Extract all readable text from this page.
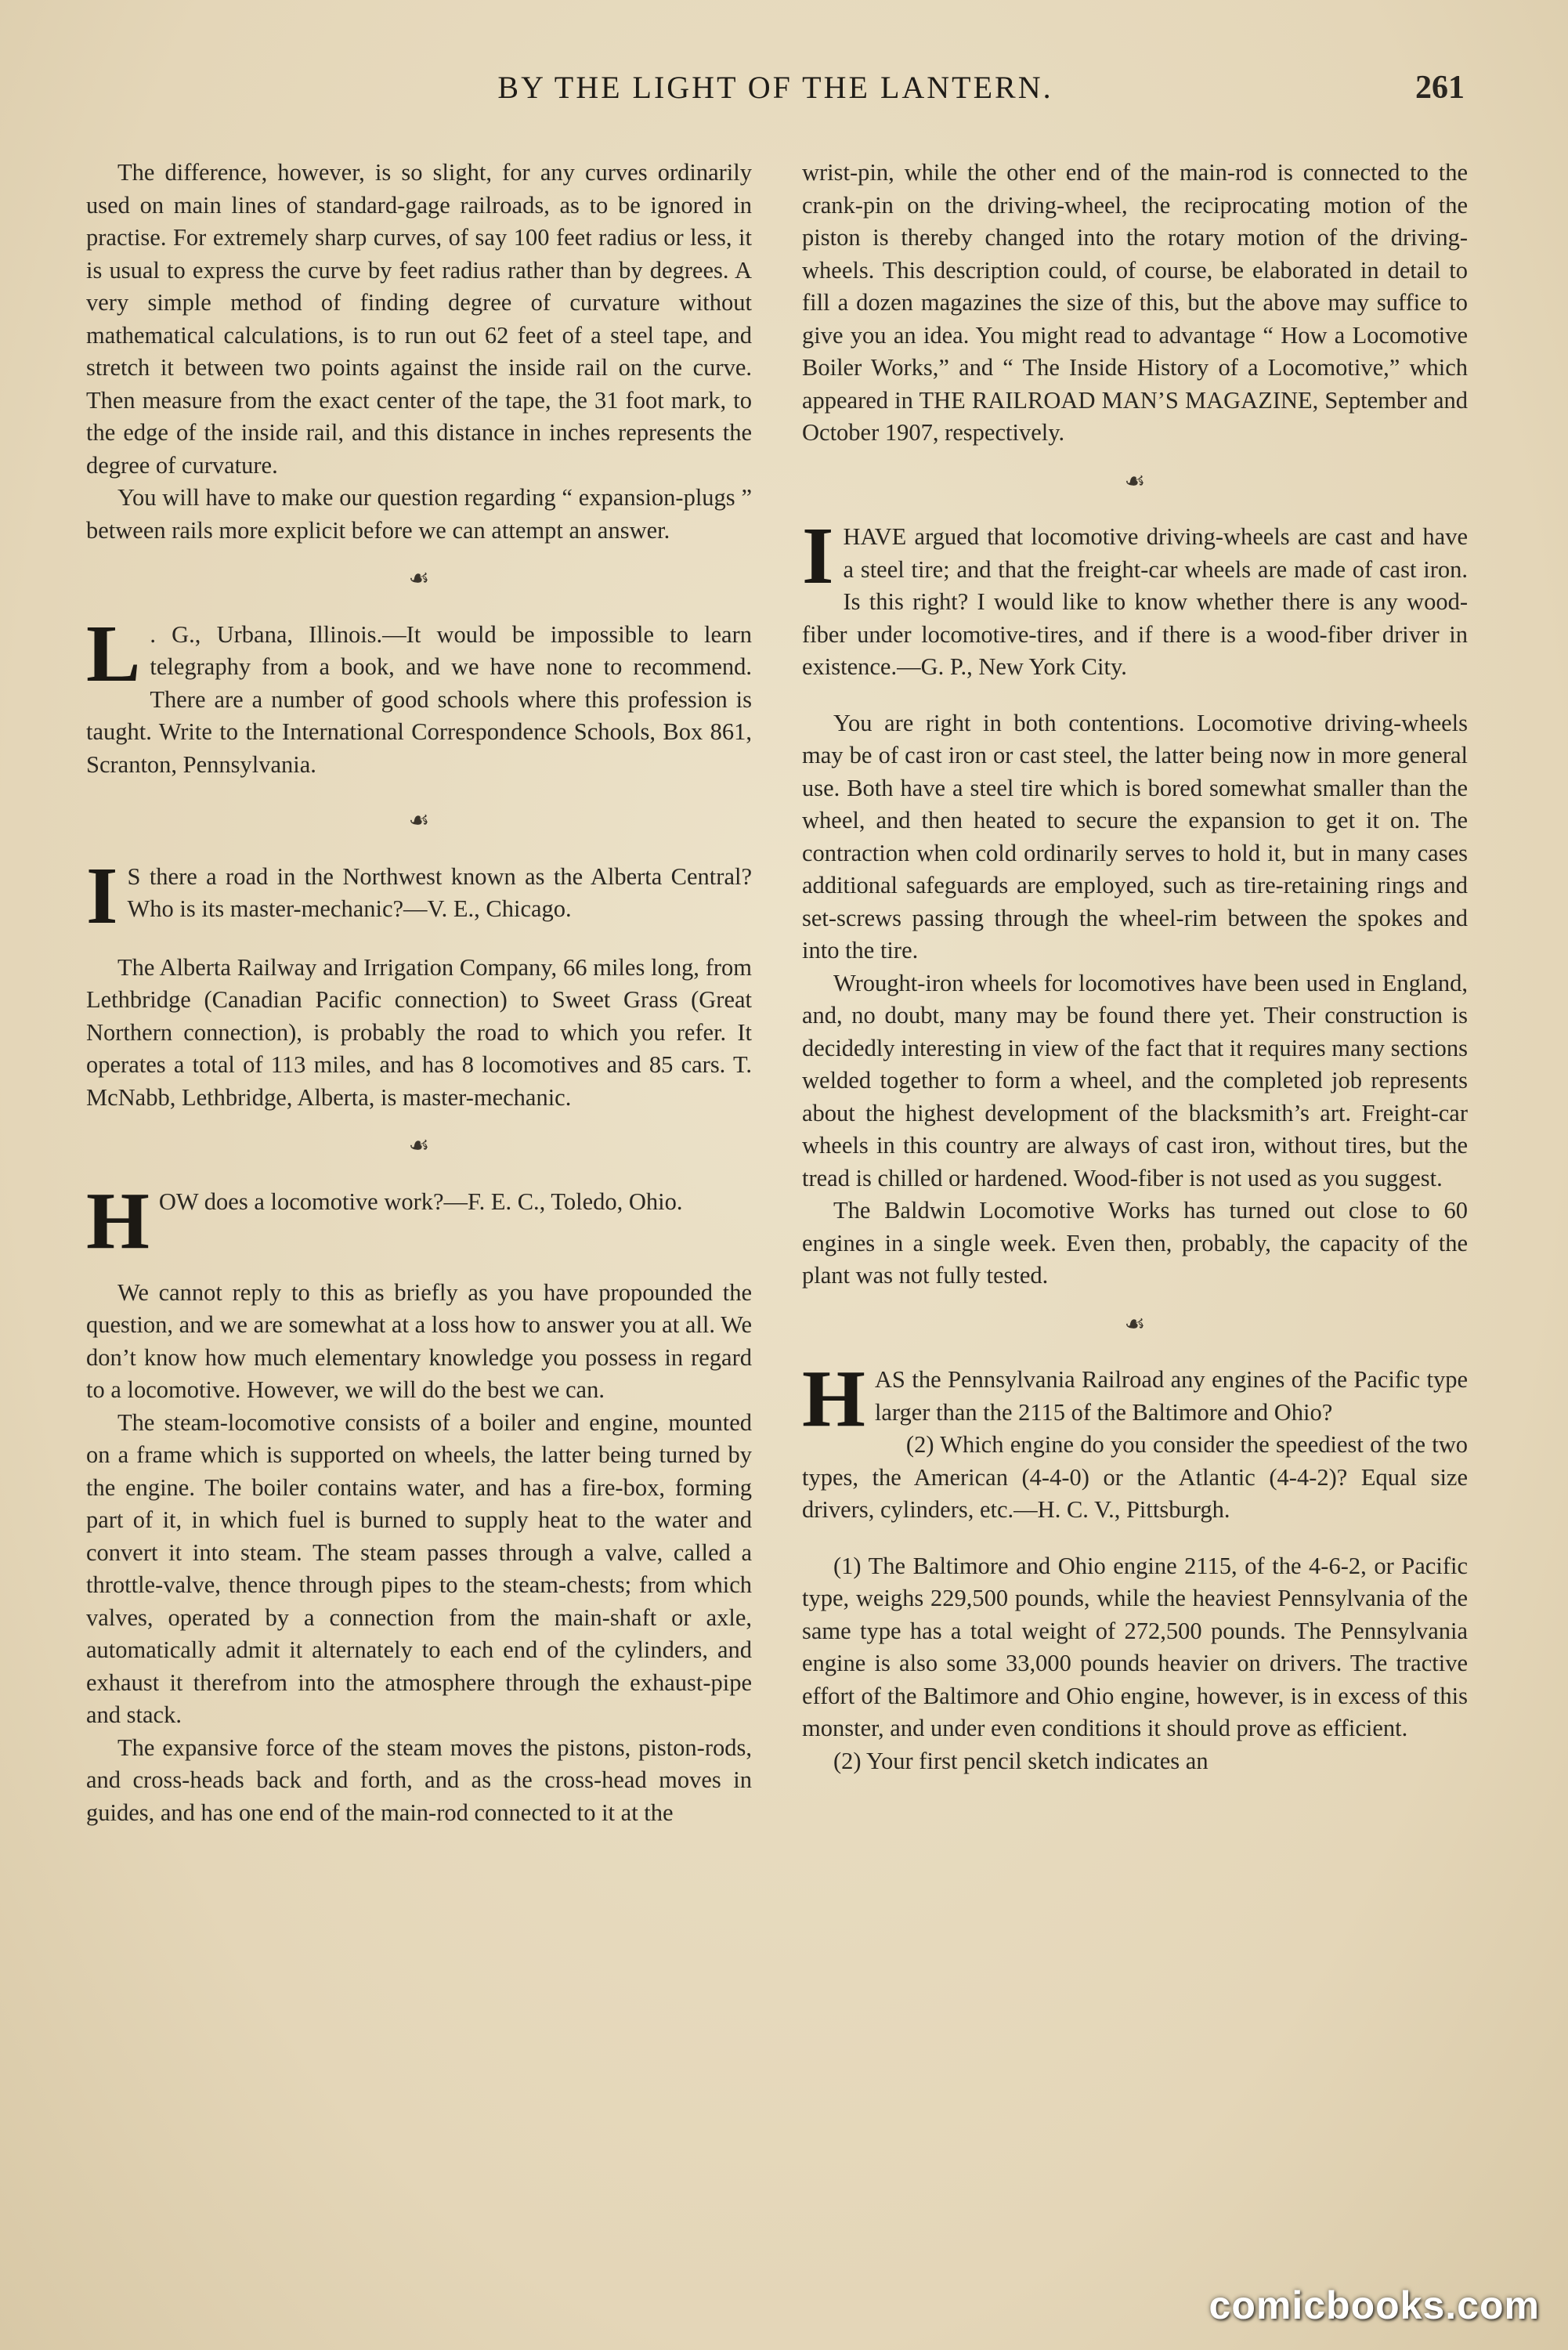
BY THE LIGHT OF THE LANTERN.	261

The difference, however, is so slight, for any curves ordinarily used on main lines of standard-gage railroads, as to be ignored in practise. For extremely sharp curves, of say 100 feet radius or less, it is usual to express the curve by feet radius rather than by degrees. A very simple method of finding degree of curvature without mathematical calculations, is to run out 62 feet of a steel tape, and stretch it between two points against the inside rail on the curve. Then measure from the exact center of the tape, the 31 foot mark, to the edge of the inside rail, and this distance in inches represents the degree of curvature.

You will have to make our question regarding “ expansion-plugs ” between rails more explicit before we can attempt an answer.

☙
L . G., Urbana, Illinois.—It would be impossible to learn telegraphy from a book, and we have none to recommend. There are a number of good schools where this profession is taught. Write to the International Correspondence Schools, Box 861, Scranton, Pennsylvania.

☙
I S there a road in the Northwest known as the Alberta Central? Who is its master-mechanic?—V. E., Chicago.

The Alberta Railway and Irrigation Company, 66 miles long, from Lethbridge (Canadian Pacific connection) to Sweet Grass (Great Northern connection), is probably the road to which you refer. It operates a total of 113 miles, and has 8 locomotives and 85 cars. T. McNabb, Lethbridge, Alberta, is master-mechanic.

☙
H OW does a locomotive work?—F. E. C., Toledo, Ohio.

We cannot reply to this as briefly as you have propounded the question, and we are somewhat at a loss how to answer you at all. We don’t know how much elementary knowledge you possess in regard to a locomotive. However, we will do the best we can.

The steam-locomotive consists of a boiler and engine, mounted on a frame which is supported on wheels, the latter being turned by the engine. The boiler contains water, and has a fire-box, forming part of it, in which fuel is burned to supply heat to the water and convert it into steam. The steam passes through a valve, called a throttle-valve, thence through pipes to the steam-chests; from which valves, operated by a connection from the main-shaft or axle, automatically admit it alternately to each end of the cylinders, and exhaust it therefrom into the atmosphere through the exhaust-pipe and stack.

The expansive force of the steam moves the pistons, piston-rods, and cross-heads back and forth, and as the cross-head moves in guides, and has one end of the main-rod connected to it at the

wrist-pin, while the other end of the main-rod is connected to the crank-pin on the driving-wheel, the reciprocating motion of the piston is thereby changed into the rotary motion of the driving-wheels. This description could, of course, be elaborated in detail to fill a dozen magazines the size of this, but the above may suffice to give you an idea. You might read to advantage “ How a Locomotive Boiler Works,” and “ The Inside History of a Locomotive,” which appeared in THE RAILROAD MAN’S MAGAZINE, September and October 1907, respectively.

☙
I HAVE argued that locomotive driving-wheels are cast and have a steel tire; and that the freight-car wheels are made of cast iron. Is this right? I would like to know whether there is any wood-fiber under locomotive-tires, and if there is a wood-fiber driver in existence.—G. P., New York City.

You are right in both contentions. Locomotive driving-wheels may be of cast iron or cast steel, the latter being now in more general use. Both have a steel tire which is bored somewhat smaller than the wheel, and then heated to secure the expansion to get it on. The contraction when cold ordinarily serves to hold it, but in many cases additional safeguards are employed, such as tire-retaining rings and set-screws passing through the wheel-rim between the spokes and into the tire.

Wrought-iron wheels for locomotives have been used in England, and, no doubt, many may be found there yet. Their construction is decidedly interesting in view of the fact that it requires many sections welded together to form a wheel, and the completed job represents about the highest development of the blacksmith’s art. Freight-car wheels in this country are always of cast iron, without tires, but the tread is chilled or hardened. Wood-fiber is not used as you suggest.

The Baldwin Locomotive Works has turned out close to 60 engines in a single week. Even then, probably, the capacity of the plant was not fully tested.

☙
H AS the Pennsylvania Railroad any engines of the Pacific type larger than the 2115 of the Baltimore and Ohio?

(2) Which engine do you consider the speediest of the two types, the American (4-4-0) or the Atlantic (4-4-2)? Equal size drivers, cylinders, etc.—H. C. V., Pittsburgh.

(1) The Baltimore and Ohio engine 2115, of the 4-6-2, or Pacific type, weighs 229,500 pounds, while the heaviest Pennsylvania of the same type has a total weight of 272,500 pounds. The Pennsylvania engine is also some 33,000 pounds heavier on drivers. The tractive effort of the Baltimore and Ohio engine, however, is in excess of this monster, and under even conditions it should prove as efficient.

(2) Your first pencil sketch indicates an

comicbooks.com
